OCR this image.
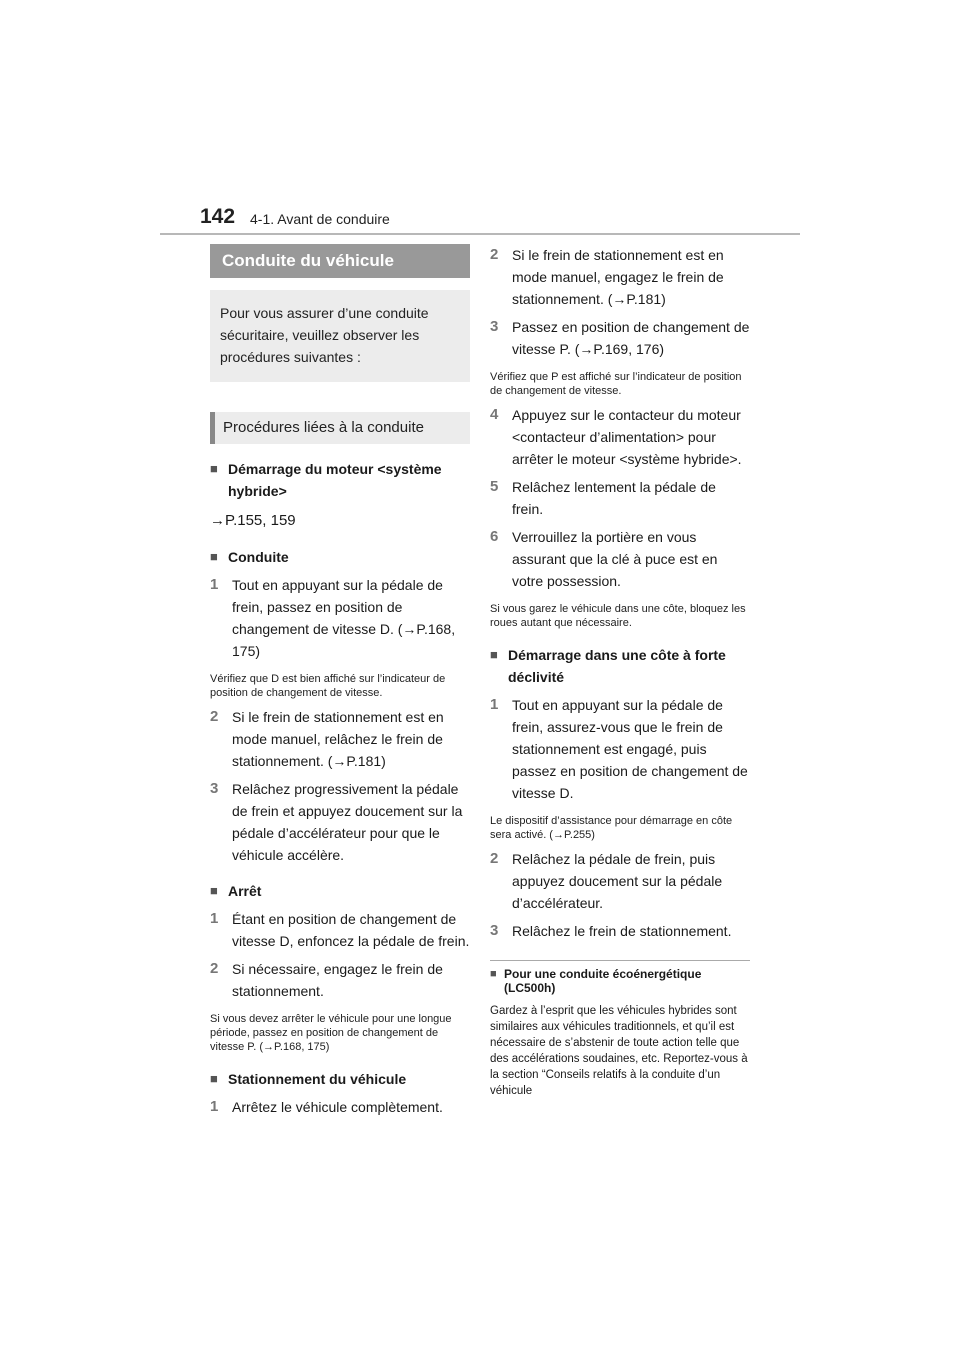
142 4-1. Avant de conduire
Conduite du véhicule
Pour vous assurer d’une conduite sécuritaire, veuillez observer les procédures suivantes :
Procédures liées à la conduite
■ Démarrage du moteur <système hybride>
→P.155, 159
■ Conduite
1 Tout en appuyant sur la pédale de frein, passez en position de changement de vitesse D. (→P.168, 175)
Vérifiez que D est bien affiché sur l’indicateur de position de changement de vitesse.
2 Si le frein de stationnement est en mode manuel, relâchez le frein de stationnement. (→P.181)
3 Relâchez progressivement la pédale de frein et appuyez doucement sur la pédale d’accélérateur pour que le véhicule accélère.
■ Arrêt
1 Étant en position de changement de vitesse D, enfoncez la pédale de frein.
2 Si nécessaire, engagez le frein de stationnement.
Si vous devez arrêter le véhicule pour une longue période, passez en position de changement de vitesse P. (→P.168, 175)
■ Stationnement du véhicule
1 Arrêtez le véhicule complètement.
2 Si le frein de stationnement est en mode manuel, engagez le frein de stationnement. (→P.181)
3 Passez en position de changement de vitesse P. (→P.169, 176)
Vérifiez que P est affiché sur l’indicateur de position de changement de vitesse.
4 Appuyez sur le contacteur du moteur <contacteur d’alimentation> pour arrêter le moteur <système hybride>.
5 Relâchez lentement la pédale de frein.
6 Verrouillez la portière en vous assurant que la clé à puce est en votre possession.
Si vous garez le véhicule dans une côte, bloquez les roues autant que nécessaire.
■ Démarrage dans une côte à forte déclivité
1 Tout en appuyant sur la pédale de frein, assurez-vous que le frein de stationnement est engagé, puis passez en position de changement de vitesse D.
Le dispositif d’assistance pour démarrage en côte sera activé. (→P.255)
2 Relâchez la pédale de frein, puis appuyez doucement sur la pédale d’accélérateur.
3 Relâchez le frein de stationnement.
■ Pour une conduite écoénergétique (LC500h)
Gardez à l’esprit que les véhicules hybrides sont similaires aux véhicules traditionnels, et qu’il est nécessaire de s’abstenir de toute action telle que des accélérations soudaines, etc. Reportez-vous à la section “Conseils relatifs à la conduite d’un véhicule
